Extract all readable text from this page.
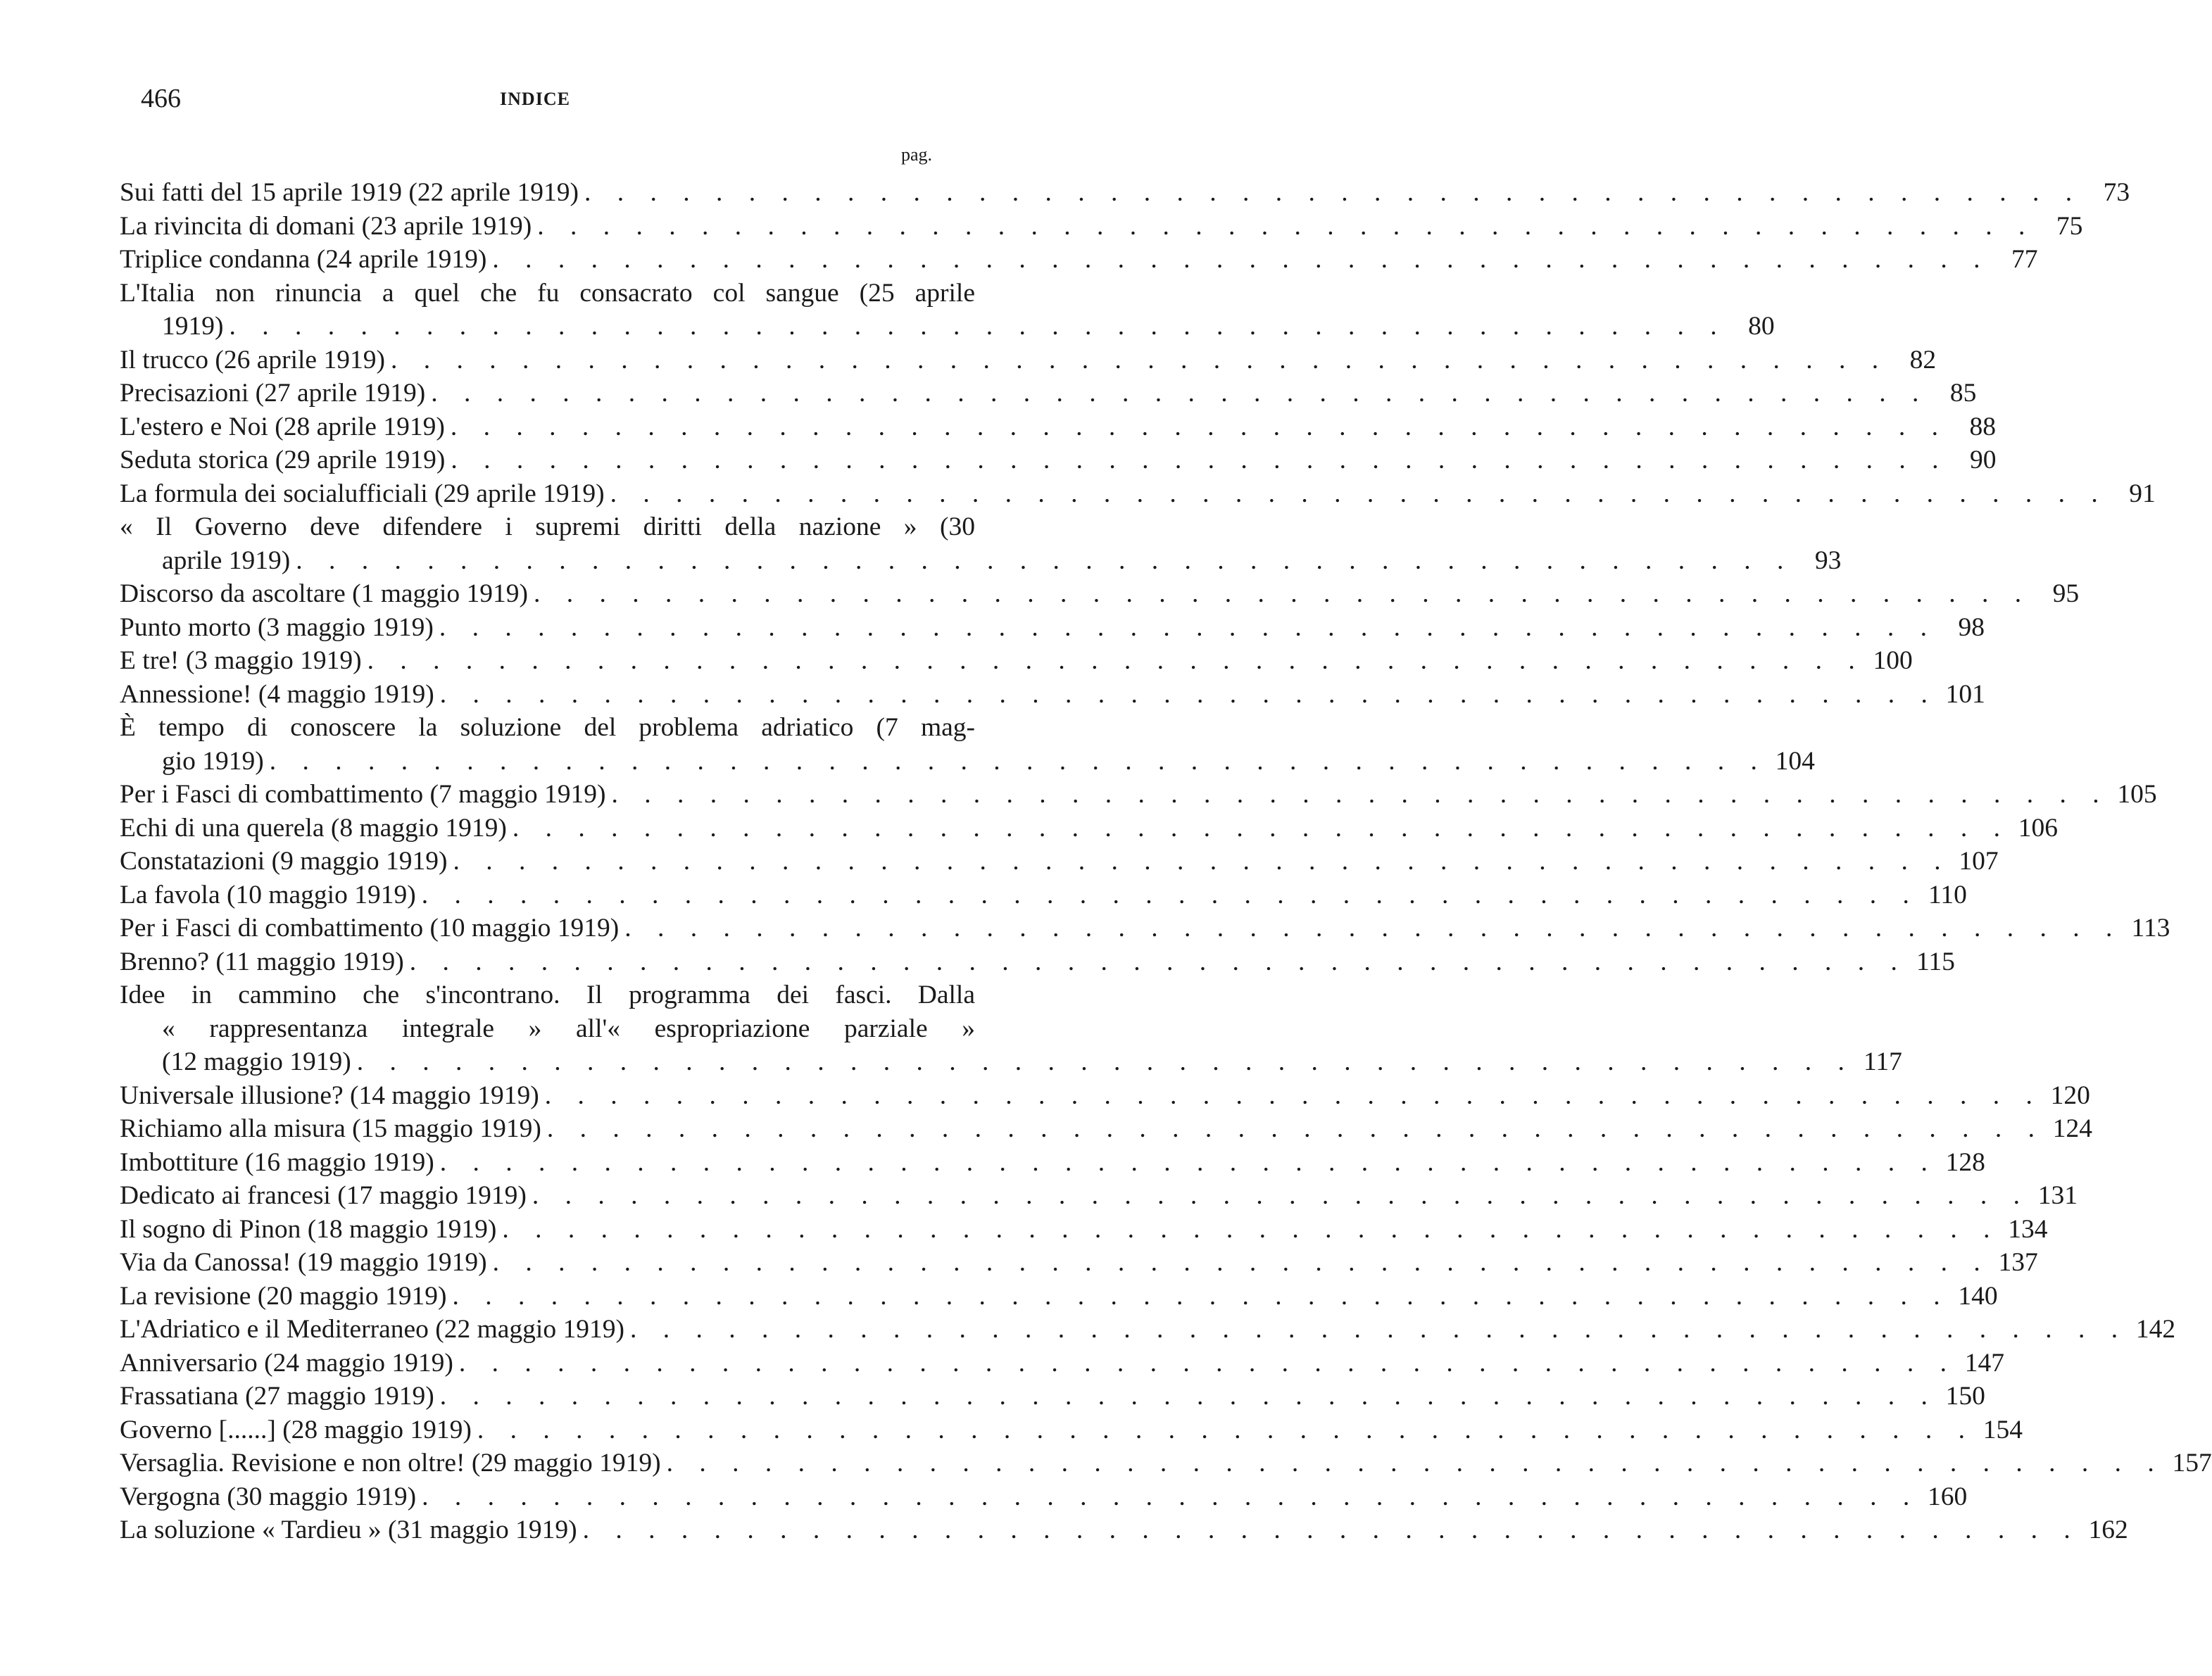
466	INDICE
pag.
Sui fatti del 15 aprile 1919 (22 aprile 1919) . . . . . . . . . . . . . . . . . . . . . . . . . . . . . . . . . . . . . . . . . . . . . . 73
La rivincita di domani (23 aprile 1919) . . . . . . . . . . . . . . . . . . . . . . . . . . . . . . . . . . . . . . . . . . . . . . 75
Triplice condanna (24 aprile 1919) . . . . . . . . . . . . . . . . . . . . . . . . . . . . . . . . . . . . . . . . . . . . . . 77
L'Italia non rinuncia a quel che fu consacrato col sangue (25 aprile
1919) . . . . . . . . . . . . . . . . . . . . . . . . . . . . . . . . . . . . . . . . . . . . . . 80
Il trucco (26 aprile 1919) . . . . . . . . . . . . . . . . . . . . . . . . . . . . . . . . . . . . . . . . . . . . . . 82
Precisazioni (27 aprile 1919) . . . . . . . . . . . . . . . . . . . . . . . . . . . . . . . . . . . . . . . . . . . . . . 85
L'estero e Noi (28 aprile 1919) . . . . . . . . . . . . . . . . . . . . . . . . . . . . . . . . . . . . . . . . . . . . . . 88
Seduta storica (29 aprile 1919) . . . . . . . . . . . . . . . . . . . . . . . . . . . . . . . . . . . . . . . . . . . . . . 90
La formula dei socialufficiali (29 aprile 1919) . . . . . . . . . . . . . . . . . . . . . . . . . . . . . . . . . . . . . . . . . . . . . . 91
« Il Governo deve difendere i supremi diritti della nazione » (30
aprile 1919) . . . . . . . . . . . . . . . . . . . . . . . . . . . . . . . . . . . . . . . . . . . . . . 93
Discorso da ascoltare (1 maggio 1919) . . . . . . . . . . . . . . . . . . . . . . . . . . . . . . . . . . . . . . . . . . . . . . 95
Punto morto (3 maggio 1919) . . . . . . . . . . . . . . . . . . . . . . . . . . . . . . . . . . . . . . . . . . . . . . 98
E tre! (3 maggio 1919) . . . . . . . . . . . . . . . . . . . . . . . . . . . . . . . . . . . . . . . . . . . . . . 100
Annessione! (4 maggio 1919) . . . . . . . . . . . . . . . . . . . . . . . . . . . . . . . . . . . . . . . . . . . . . . 101
È tempo di conoscere la soluzione del problema adriatico (7 mag-
gio 1919) . . . . . . . . . . . . . . . . . . . . . . . . . . . . . . . . . . . . . . . . . . . . . . 104
Per i Fasci di combattimento (7 maggio 1919) . . . . . . . . . . . . . . . . . . . . . . . . . . . . . . . . . . . . . . . . . . . . . . 105
Echi di una querela (8 maggio 1919) . . . . . . . . . . . . . . . . . . . . . . . . . . . . . . . . . . . . . . . . . . . . . . 106
Constatazioni (9 maggio 1919) . . . . . . . . . . . . . . . . . . . . . . . . . . . . . . . . . . . . . . . . . . . . . . 107
La favola (10 maggio 1919) . . . . . . . . . . . . . . . . . . . . . . . . . . . . . . . . . . . . . . . . . . . . . . 110
Per i Fasci di combattimento (10 maggio 1919) . . . . . . . . . . . . . . . . . . . . . . . . . . . . . . . . . . . . . . . . . . . . . . 113
Brenno? (11 maggio 1919) . . . . . . . . . . . . . . . . . . . . . . . . . . . . . . . . . . . . . . . . . . . . . . 115
Idee in cammino che s'incontrano. Il programma dei fasci. Dalla
« rappresentanza integrale » all'« espropriazione parziale »
(12 maggio 1919) . . . . . . . . . . . . . . . . . . . . . . . . . . . . . . . . . . . . . . . . . . . . . . 117
Universale illusione? (14 maggio 1919) . . . . . . . . . . . . . . . . . . . . . . . . . . . . . . . . . . . . . . . . . . . . . . 120
Richiamo alla misura (15 maggio 1919) . . . . . . . . . . . . . . . . . . . . . . . . . . . . . . . . . . . . . . . . . . . . . . 124
Imbottiture (16 maggio 1919) . . . . . . . . . . . . . . . . . . . . . . . . . . . . . . . . . . . . . . . . . . . . . . 128
Dedicato ai francesi (17 maggio 1919) . . . . . . . . . . . . . . . . . . . . . . . . . . . . . . . . . . . . . . . . . . . . . . 131
Il sogno di Pinon (18 maggio 1919) . . . . . . . . . . . . . . . . . . . . . . . . . . . . . . . . . . . . . . . . . . . . . . 134
Via da Canossa! (19 maggio 1919) . . . . . . . . . . . . . . . . . . . . . . . . . . . . . . . . . . . . . . . . . . . . . . 137
La revisione (20 maggio 1919) . . . . . . . . . . . . . . . . . . . . . . . . . . . . . . . . . . . . . . . . . . . . . . 140
L'Adriatico e il Mediterraneo (22 maggio 1919) . . . . . . . . . . . . . . . . . . . . . . . . . . . . . . . . . . . . . . . . . . . . . . 142
Anniversario (24 maggio 1919) . . . . . . . . . . . . . . . . . . . . . . . . . . . . . . . . . . . . . . . . . . . . . . 147
Frassatiana (27 maggio 1919) . . . . . . . . . . . . . . . . . . . . . . . . . . . . . . . . . . . . . . . . . . . . . . 150
Governo [......] (28 maggio 1919) . . . . . . . . . . . . . . . . . . . . . . . . . . . . . . . . . . . . . . . . . . . . . . 154
Versaglia. Revisione e non oltre! (29 maggio 1919) . . . . . . . . . . . . . . . . . . . . . . . . . . . . . . . . . . . . . . . . . . . . . . 157
Vergogna (30 maggio 1919) . . . . . . . . . . . . . . . . . . . . . . . . . . . . . . . . . . . . . . . . . . . . . . 160
La soluzione « Tardieu » (31 maggio 1919) . . . . . . . . . . . . . . . . . . . . . . . . . . . . . . . . . . . . . . . . . . . . . . 162
